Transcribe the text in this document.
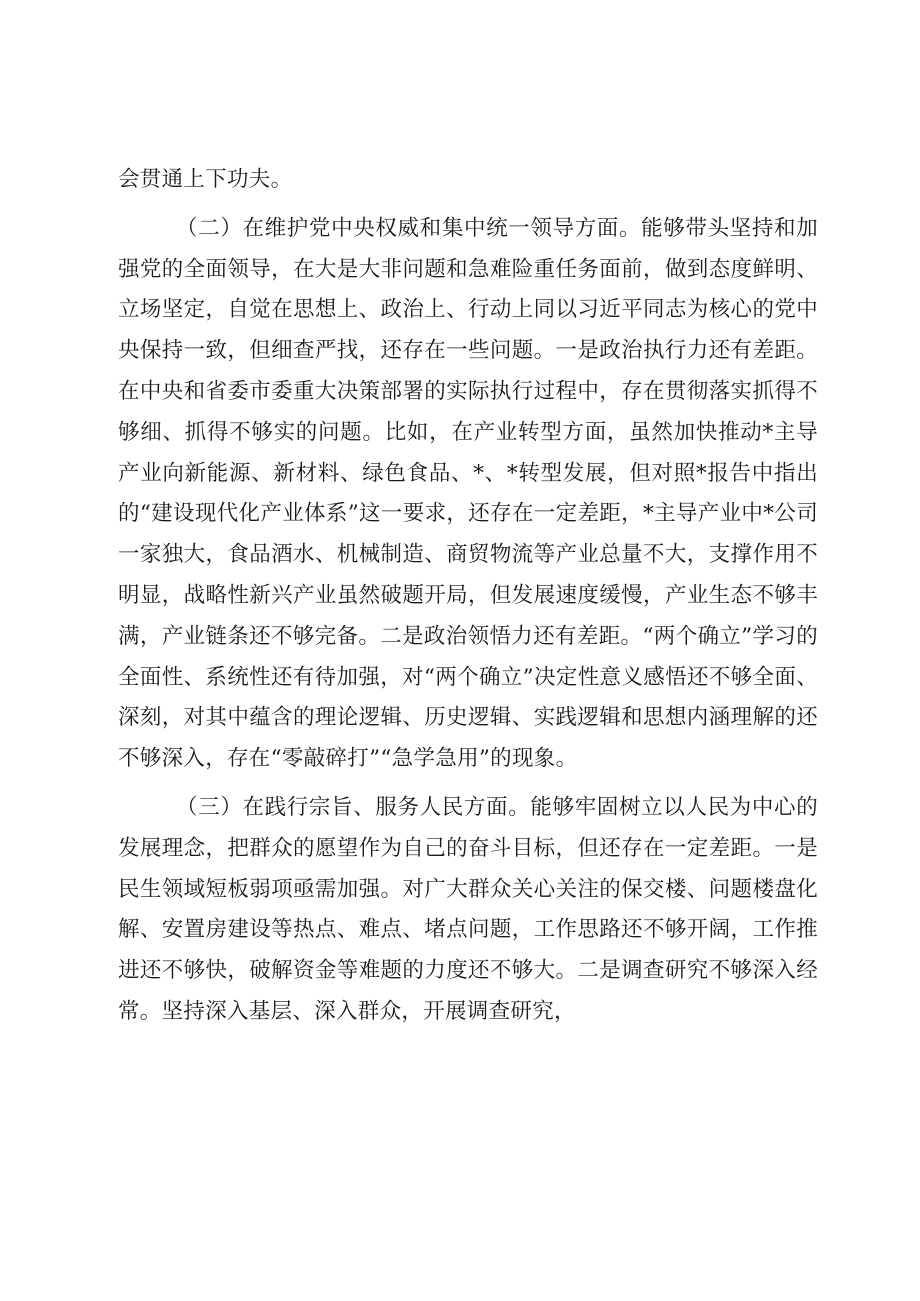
会贯通上下功夫。

（二）在维护党中央权威和集中统一领导方面。能够带头坚持和加强党的全面领导，在大是大非问题和急难险重任务面前，做到态度鲜明、立场坚定，自觉在思想上、政治上、行动上同以习近平同志为核心的党中央保持一致，但细查严找，还存在一些问题。一是政治执行力还有差距。在中央和省委市委重大决策部署的实际执行过程中，存在贯彻落实抓得不够细、抓得不够实的问题。比如，在产业转型方面，虽然加快推动*主导产业向新能源、新材料、绿色食品、*、*转型发展，但对照*报告中指出的“建设现代化产业体系”这一要求，还存在一定差距，*主导产业中*公司一家独大，食品酒水、机械制造、商贸物流等产业总量不大，支撑作用不明显，战略性新兴产业虽然破题开局，但发展速度缓慢，产业生态不够丰满，产业链条还不够完备。二是政治领悟力还有差距。“两个确立”学习的全面性、系统性还有待加强，对“两个确立”决定性意义感悟还不够全面、深刻，对其中蕴含的理论逻辑、历史逻辑、实践逻辑和思想内涵理解的还不够深入，存在“零敲碎打”“急学急用”的现象。

（三）在践行宗旨、服务人民方面。能够牢固树立以人民为中心的发展理念，把群众的愿望作为自己的奋斗目标，但还存在一定差距。一是民生领域短板弱项亟需加强。对广大群众关心关注的保交楼、问题楼盘化解、安置房建设等热点、难点、堵点问题，工作思路还不够开阔，工作推进还不够快，破解资金等难题的力度还不够大。二是调查研究不够深入经常。坚持深入基层、深入群众，开展调查研究，
